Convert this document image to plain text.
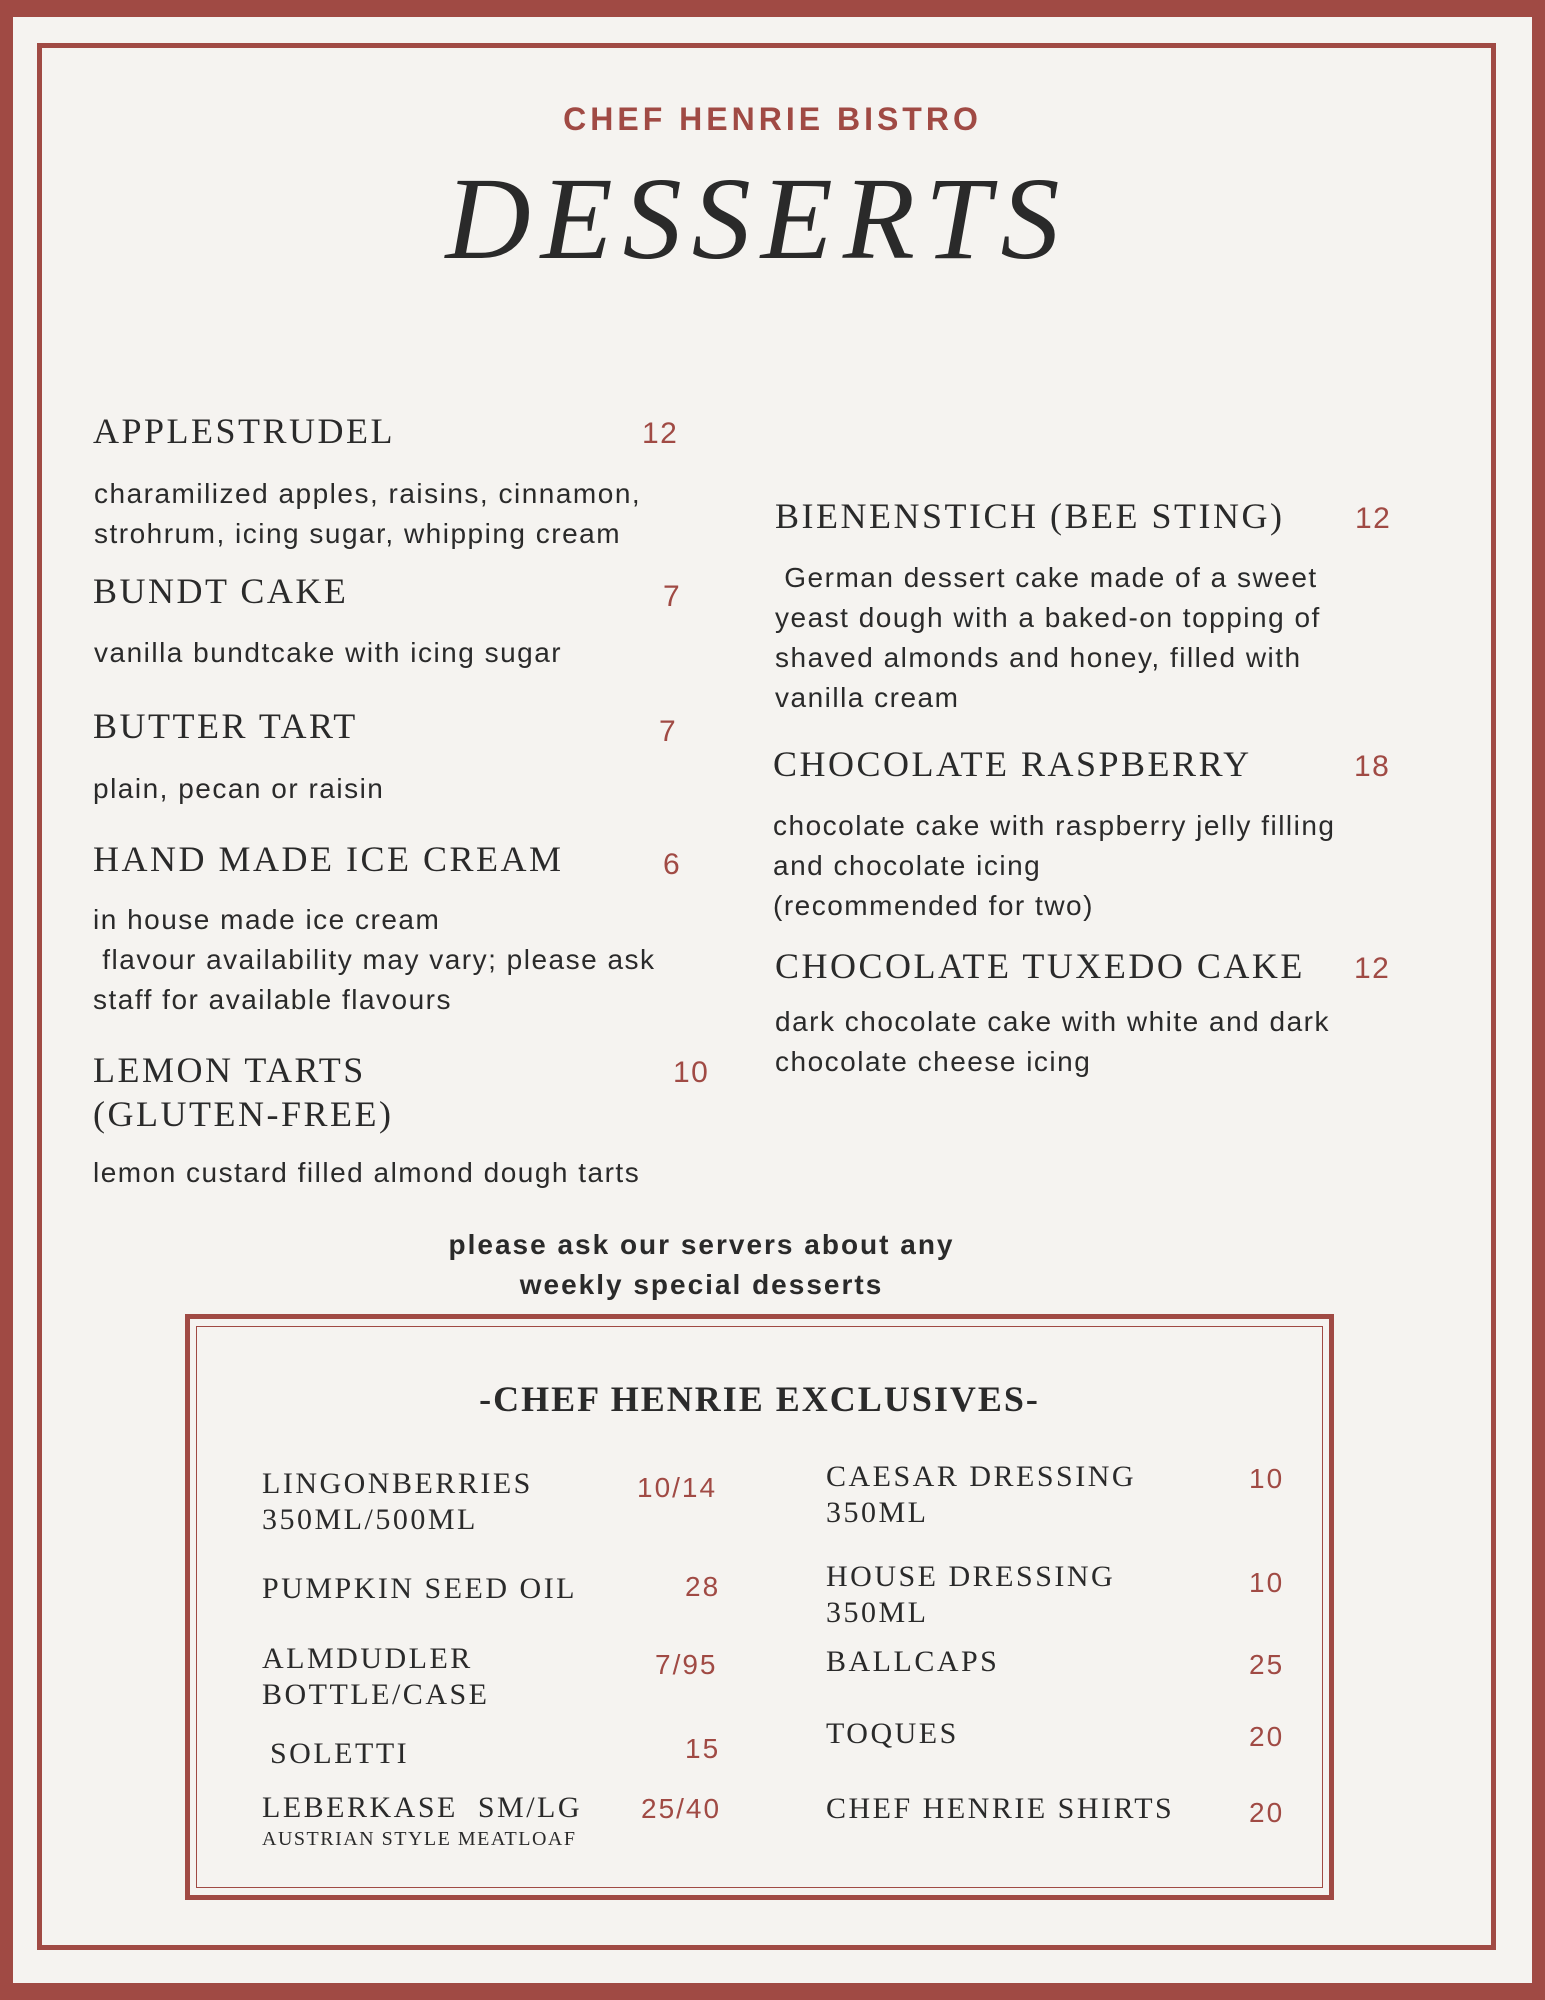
CHEF HENRIE BISTRO
DESSERTS
APPLESTRUDEL	12
charamilized apples, raisins, cinnamon,
strohrum, icing sugar, whipping cream
BUNDT CAKE	7
vanilla bundtcake with icing sugar
BUTTER TART	7
plain, pecan or raisin
HAND MADE ICE CREAM	6
in house made ice cream
flavour availability may vary; please ask
staff for available flavours
LEMON TARTS
(GLUTEN-FREE)
10
lemon custard filled almond dough tarts
BIENENSTICH (BEE STING) 12
German dessert cake made of a sweet
yeast dough with a baked-on topping of
shaved almonds and honey, filled with
vanilla cream
CHOCOLATE RASPBERRY	18
chocolate cake with raspberry jelly filling
and chocolate icing
(recommended for two)
CHOCOLATE TUXEDO CAKE 12
dark chocolate cake with white and dark
chocolate cheese icing
please ask our servers about any
weekly special desserts
-CHEF HENRIE EXCLUSIVES-
LINGONBERRIES
350ML/500ML
10/14
PUMPKIN SEED OIL	28
ALMDUDLER
BOTTLE/CASE
7/95
SOLETTI	15
LEBERKASE  SM/LG 25/40
AUSTRIAN STYLE MEATLOAF
CAESAR DRESSING
350ML
10
HOUSE DRESSING
350ML
10
BALLCAPS	25
TOQUES	20
CHEF HENRIE SHIRTS	20
